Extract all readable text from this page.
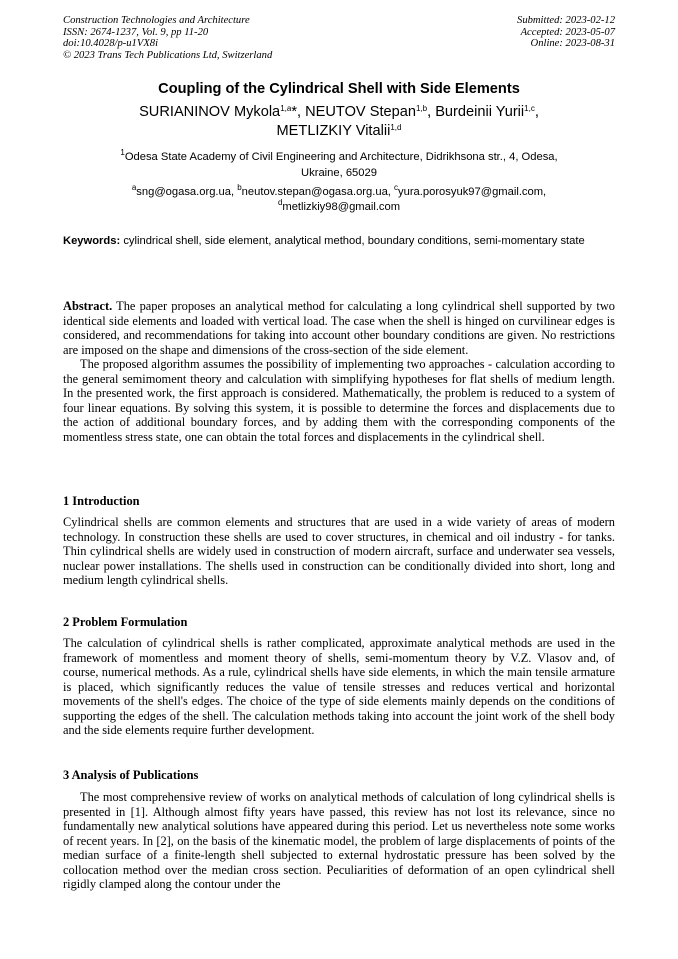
Construction Technologies and Architecture
ISSN: 2674-1237, Vol. 9, pp 11-20
doi:10.4028/p-u1VX8i
© 2023 Trans Tech Publications Ltd, Switzerland
Submitted: 2023-02-12
Accepted: 2023-05-07
Online: 2023-08-31
Coupling of the Cylindrical Shell with Side Elements
SURIANINOV Mykola$^{1,a}$*, NEUTOV Stepan$^{1,b}$, Burdeinii Yurii$^{1,c}$,
METLIZKIY Vitalii$^{1,d}$
$^1$Odesa State Academy of Civil Engineering and Architecture, Didrikhsona str., 4, Odesa,
Ukraine, 65029
$^a$sng@ogasa.org.ua, $^b$neutov.stepan@ogasa.org.ua, $^c$yura.porosyuk97@gmail.com,
$^d$metlizkiy98@gmail.com
Keywords: cylindrical shell, side element, analytical method, boundary conditions, semi-momentary state

Abstract. The paper proposes an analytical method for calculating a long cylindrical shell supported by two identical side elements and loaded with vertical load. The case when the shell is hinged on curvilinear edges is considered, and recommendations for taking into account other boundary conditions are given. No restrictions are imposed on the shape and dimensions of the cross-section of the side element.

The proposed algorithm assumes the possibility of implementing two approaches - calculation according to the general semimoment theory and calculation with simplifying hypotheses for flat shells of medium length. In the presented work, the first approach is considered. Mathematically, the problem is reduced to a system of four linear equations. By solving this system, it is possible to determine the forces and displacements due to the action of additional boundary forces, and by adding them with the corresponding components of the momentless stress state, one can obtain the total forces and displacements in the cylindrical shell.

1 Introduction

Cylindrical shells are common elements and structures that are used in a wide variety of areas of modern technology. In construction these shells are used to cover structures, in chemical and oil industry - for tanks. Thin cylindrical shells are widely used in construction of modern aircraft, surface and underwater sea vessels, nuclear power installations. The shells used in construction can be conditionally divided into short, long and medium length cylindrical shells.

2 Problem Formulation

The calculation of cylindrical shells is rather complicated, approximate analytical methods are used in the framework of momentless and moment theory of shells, semi-momentum theory by V.Z. Vlasov and, of course, numerical methods. As a rule, cylindrical shells have side elements, in which the main tensile armature is placed, which significantly reduces the value of tensile stresses and reduces vertical and horizontal movements of the shell's edges. The choice of the type of side elements mainly depends on the conditions of supporting the edges of the shell. The calculation methods taking into account the joint work of the shell body and the side elements require further development.

3 Analysis of Publications

The most comprehensive review of works on analytical methods of calculation of long cylindrical shells is presented in [1]. Although almost fifty years have passed, this review has not lost its relevance, since no fundamentally new analytical solutions have appeared during this period. Let us nevertheless note some works of recent years. In [2], on the basis of the kinematic model, the problem of large displacements of points of the median surface of a finite-length shell subjected to external hydrostatic pressure has been solved by the collocation method over the median cross section. Peculiarities of deformation of an open cylindrical shell rigidly clamped along the contour under the
